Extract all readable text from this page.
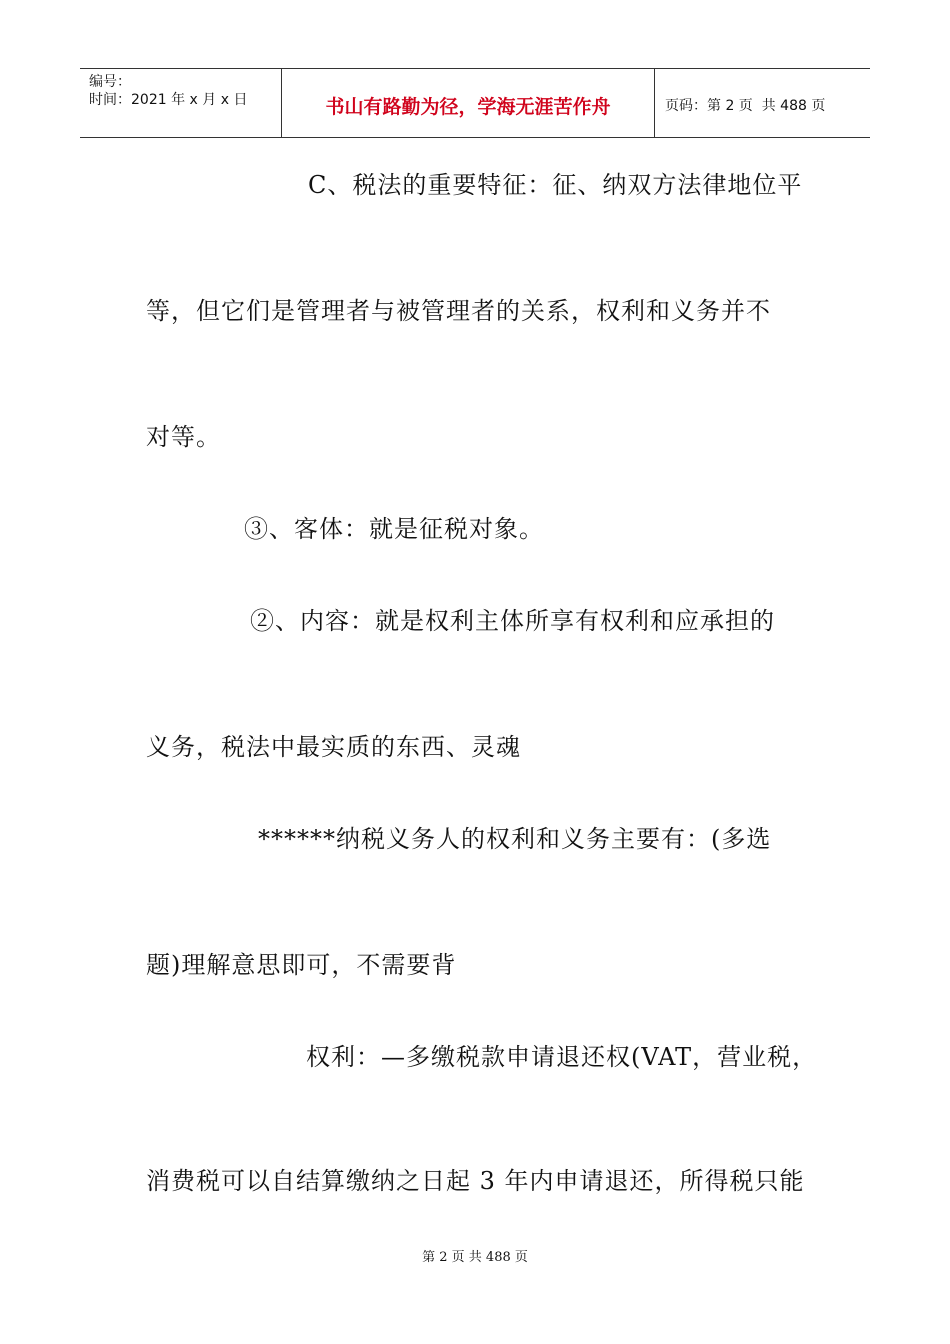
编号：
时间：2021 年 x 月 x 日	书山有路勤为径，学海无涯苦作舟	页码：第 2 页  共 488 页
C、税法的重要特征：征、纳双方法律地位平
等，但它们是管理者与被管理者的关系，权利和义务并不
对等。
③、客体：就是征税对象。
②、内容：就是权利主体所享有权利和应承担的
义务，税法中最实质的东西、灵魂
******纳税义务人的权利和义务主要有：(多选
题)理解意思即可，不需要背
权利：—多缴税款申请退还权(VAT，营业税，
消费税可以自结算缴纳之日起 3 年内申请退还，所得税只能
第 2 页 共 488 页
